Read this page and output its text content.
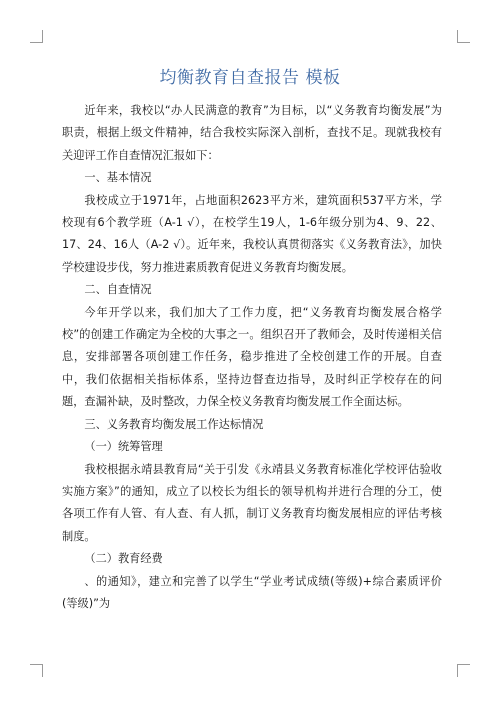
均衡教育自查报告 模板

近年来，我校以“办人民满意的教育”为目标，以“义务教育均衡发展”为职责，根据上级文件精神，结合我校实际深入剖析，查找不足。现就我校有关迎评工作自查情况汇报如下：

一、基本情况

我校成立于1971年，占地面积2623平方米，建筑面积537平方米，学校现有6个教学班（A-1 √），在校学生19人，1-6年级分别为4、9、22、17、24、16人（A-2 √）。近年来，我校认真贯彻落实《义务教育法》，加快学校建设步伐，努力推进素质教育促进义务教育均衡发展。

二、自查情况

今年开学以来，我们加大了工作力度，把“义务教育均衡发展合格学校”的创建工作确定为全校的大事之一。组织召开了教师会，及时传递相关信息，安排部署各项创建工作任务，稳步推进了全校创建工作的开展。自查中，我们依据相关指标体系，坚持边督查边指导，及时纠正学校存在的问题，查漏补缺，及时整改，力保全校义务教育均衡发展工作全面达标。

三、义务教育均衡发展工作达标情况

（一）统筹管理

我校根据永靖县教育局“关于引发《永靖县义务教育标准化学校评估验收实施方案》”的通知，成立了以校长为组长的领导机构并进行合理的分工，使各项工作有人管、有人查、有人抓，制订义务教育均衡发展相应的评估考核制度。

（二）教育经费

、的通知》，建立和完善了以学生“学业考试成绩(等级)+综合素质评价(等级)”为
